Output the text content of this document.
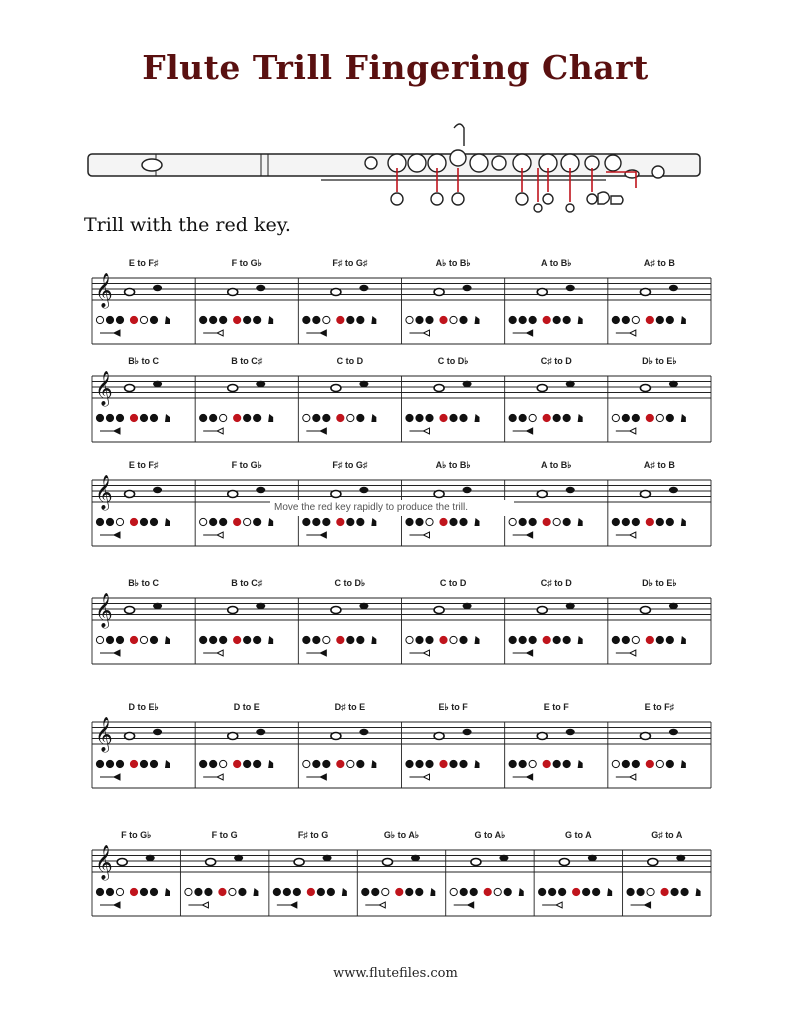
Flute Trill Fingering Chart

Trill with the red key.

𝄞
E to F♯	F to G♭	F♯ to G♯	A♭ to B♭	A to B♭	A♯ to B
𝄞
B♭ to C	B to C♯	C to D	C to D♭	C♯ to D	D♭ to E♭
𝄞
E to F♯	F to G♭	F♯ to G♯	A♭ to B♭	A to B♭	A♯ to B
𝄞
B♭ to C	B to C♯	C to D♭	C to D	C♯ to D	D♭ to E♭
𝄞
D to E♭	D to E	D♯ to E	E♭ to F	E to F	E to F♯
𝄞
F to G♭	F to G	F♯ to G	G♭ to A♭	G to A♭	G to A	G♯ to A
Move the red key rapidly to produce the trill.
www.flutefiles.com
